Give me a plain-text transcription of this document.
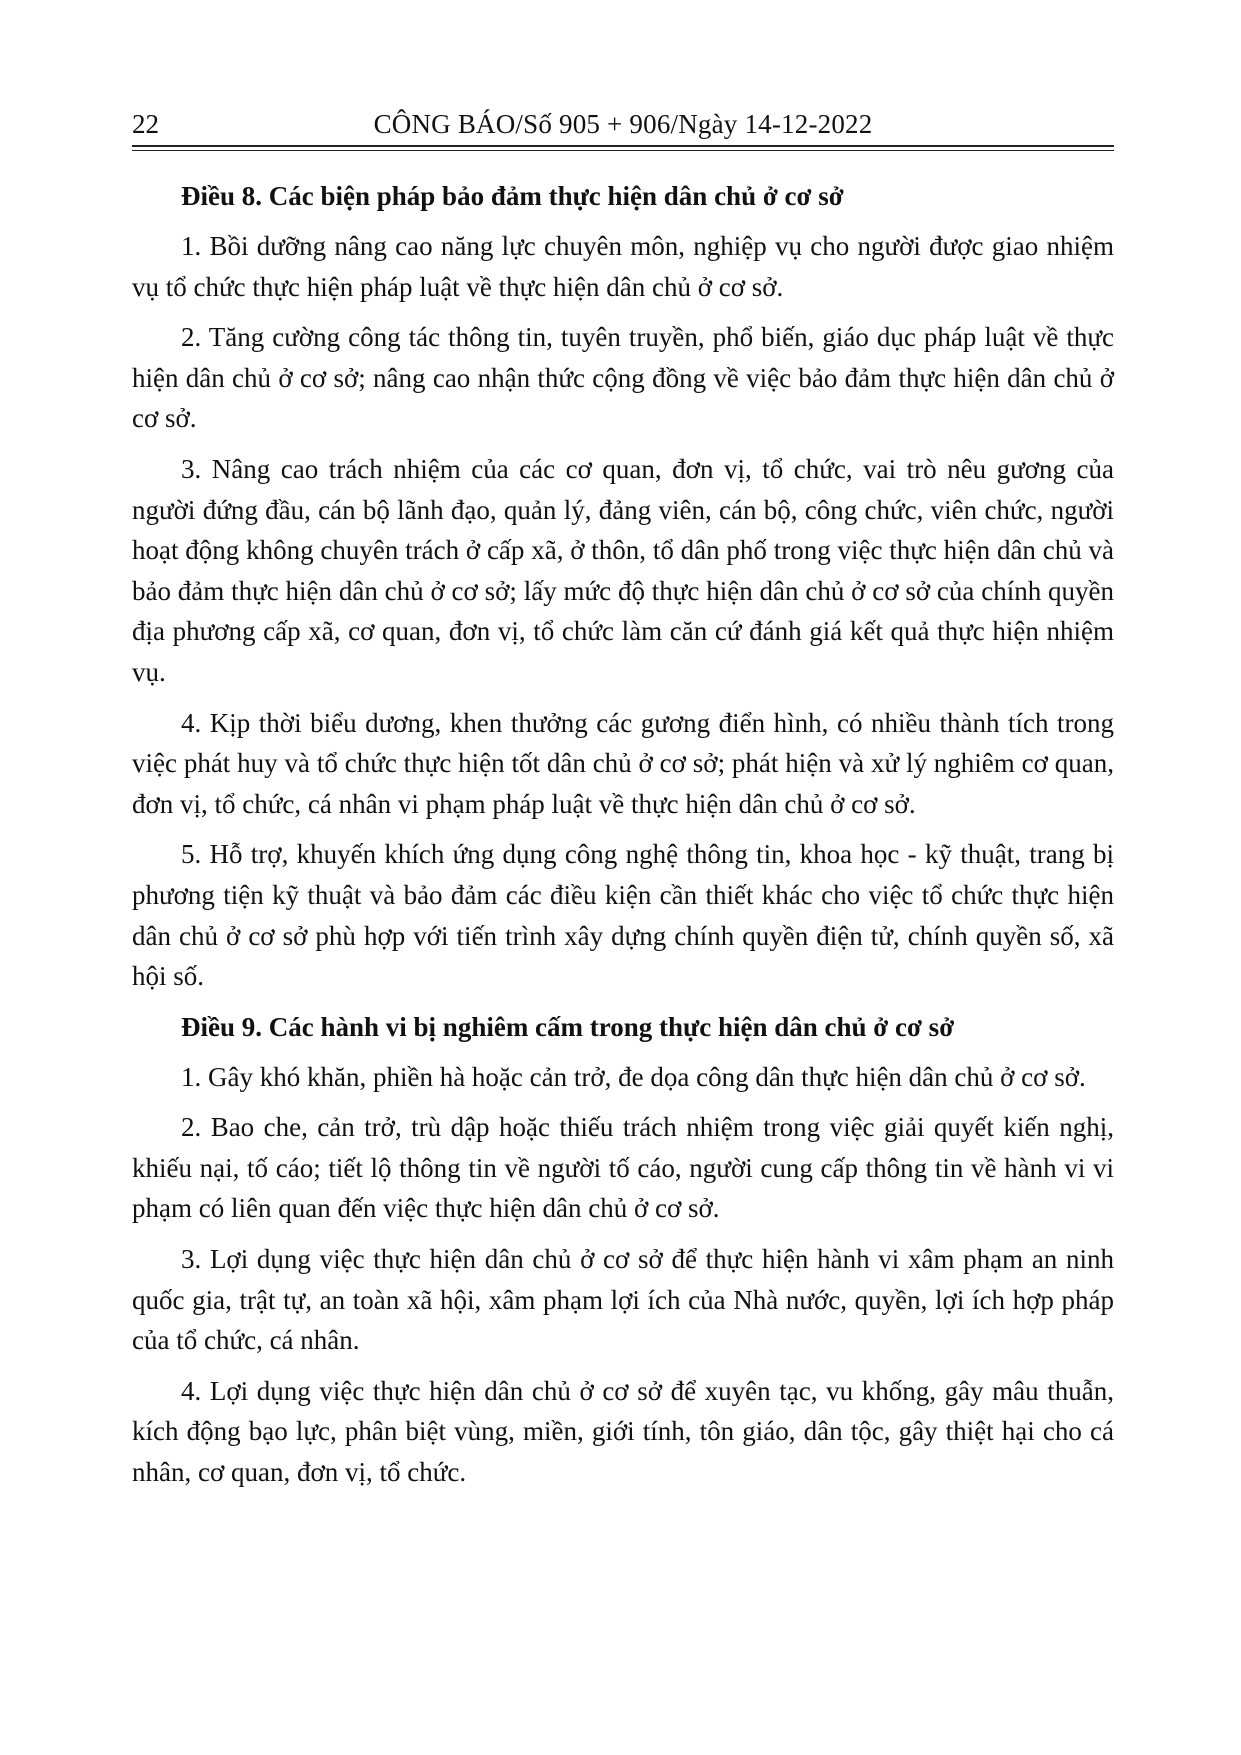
22	CÔNG BÁO/Số 905 + 906/Ngày 14-12-2022

Điều 8. Các biện pháp bảo đảm thực hiện dân chủ ở cơ sở

1. Bồi dưỡng nâng cao năng lực chuyên môn, nghiệp vụ cho người được giao nhiệm vụ tổ chức thực hiện pháp luật về thực hiện dân chủ ở cơ sở.

2. Tăng cường công tác thông tin, tuyên truyền, phổ biến, giáo dục pháp luật về thực hiện dân chủ ở cơ sở; nâng cao nhận thức cộng đồng về việc bảo đảm thực hiện dân chủ ở cơ sở.

3. Nâng cao trách nhiệm của các cơ quan, đơn vị, tổ chức, vai trò nêu gương của người đứng đầu, cán bộ lãnh đạo, quản lý, đảng viên, cán bộ, công chức, viên chức, người hoạt động không chuyên trách ở cấp xã, ở thôn, tổ dân phố trong việc thực hiện dân chủ và bảo đảm thực hiện dân chủ ở cơ sở; lấy mức độ thực hiện dân chủ ở cơ sở của chính quyền địa phương cấp xã, cơ quan, đơn vị, tổ chức làm căn cứ đánh giá kết quả thực hiện nhiệm vụ.

4. Kịp thời biểu dương, khen thưởng các gương điển hình, có nhiều thành tích trong việc phát huy và tổ chức thực hiện tốt dân chủ ở cơ sở; phát hiện và xử lý nghiêm cơ quan, đơn vị, tổ chức, cá nhân vi phạm pháp luật về thực hiện dân chủ ở cơ sở.

5. Hỗ trợ, khuyến khích ứng dụng công nghệ thông tin, khoa học - kỹ thuật, trang bị phương tiện kỹ thuật và bảo đảm các điều kiện cần thiết khác cho việc tổ chức thực hiện dân chủ ở cơ sở phù hợp với tiến trình xây dựng chính quyền điện tử, chính quyền số, xã hội số.

Điều 9. Các hành vi bị nghiêm cấm trong thực hiện dân chủ ở cơ sở

1. Gây khó khăn, phiền hà hoặc cản trở, đe dọa công dân thực hiện dân chủ ở cơ sở.

2. Bao che, cản trở, trù dập hoặc thiếu trách nhiệm trong việc giải quyết kiến nghị, khiếu nại, tố cáo; tiết lộ thông tin về người tố cáo, người cung cấp thông tin về hành vi vi phạm có liên quan đến việc thực hiện dân chủ ở cơ sở.

3. Lợi dụng việc thực hiện dân chủ ở cơ sở để thực hiện hành vi xâm phạm an ninh quốc gia, trật tự, an toàn xã hội, xâm phạm lợi ích của Nhà nước, quyền, lợi ích hợp pháp của tổ chức, cá nhân.

4. Lợi dụng việc thực hiện dân chủ ở cơ sở để xuyên tạc, vu khống, gây mâu thuẫn, kích động bạo lực, phân biệt vùng, miền, giới tính, tôn giáo, dân tộc, gây thiệt hại cho cá nhân, cơ quan, đơn vị, tổ chức.
